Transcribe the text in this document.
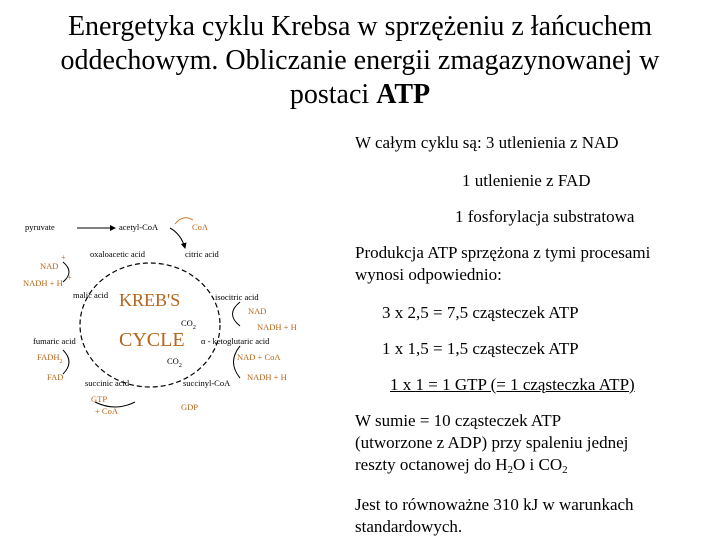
Energetyka cyklu Krebsa w sprzężeniu z łańcuchem
oddechowym. Obliczanie energii zmagazynowanej w
postaci ATP
W całym cyklu są: 3 utlenienia z NAD
1 utlenienie z FAD
1 fosforylacja substratowa
Produkcja ATP sprzężona z tymi procesami
wynosi odpowiednio:
3 x 2,5 = 7,5 cząsteczek ATP
1 x 1,5 = 1,5 cząsteczek ATP
1 x 1 = 1 GTP (= 1 cząsteczka ATP)
W sumie = 10 cząsteczek ATP
(utworzone z ADP) przy spaleniu jednej
reszty octanowej do $H_2O$ i $CO_2$
Jest to równoważne 310 kJ w warunkach
standardowych.
pyruvate	acetyl-CoA	CoA
oxaloacetic acid	citric acid
NAD
+
NADH + H
+
malic acid KREB'S
CYCLE
isocitric acid
NAD
$CO_2$	NADH + H
fumaric acid	α - ketoglutaric acid
$FADH_2$	$CO_2$
NAD + CoA
FAD
succinic acid	succinyl-CoA
NADH + H
GTP
+ CoA	GDP
